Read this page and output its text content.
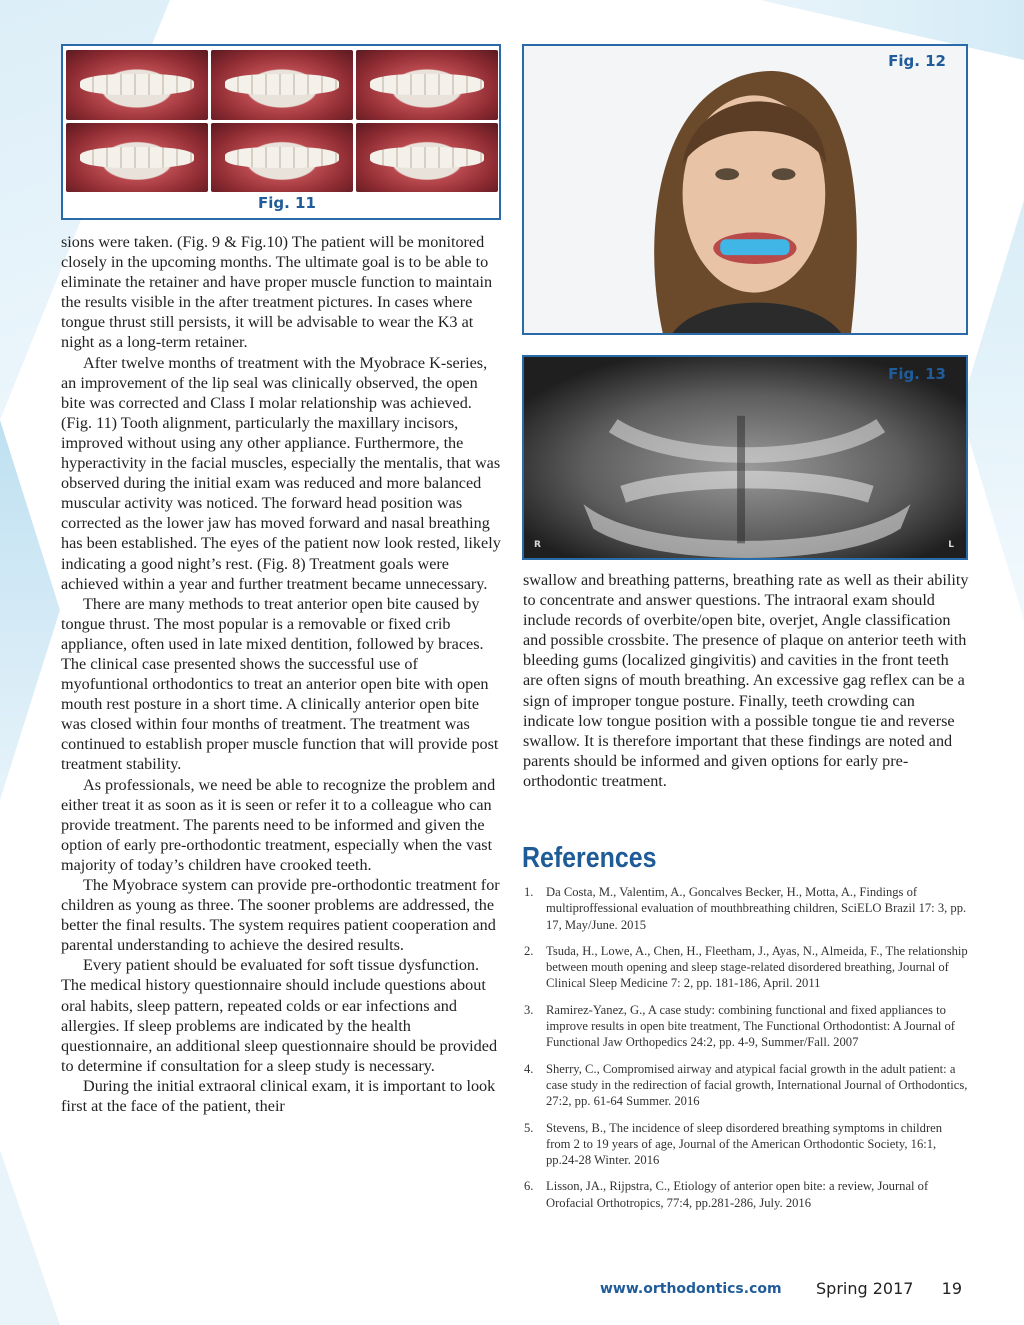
Fig. 11
Fig. 12
R	L
Fig. 13

sions were taken. (Fig. 9 & Fig.10) The patient will be monitored closely in the upcoming months. The ultimate goal is to be able to eliminate the retainer and have proper muscle function to maintain the results visible in the after treatment pictures. In cases where tongue thrust still persists, it will be advisable to wear the K3 at night as a long-term retainer.

After twelve months of treatment with the Myobrace K-series, an improvement of the lip seal was clinically observed, the open bite was corrected and Class I molar relationship was achieved. (Fig. 11) Tooth alignment, particularly the maxillary incisors, improved without using any other appliance. Furthermore, the hyperactivity in the facial muscles, especially the mentalis, that was observed during the initial exam was reduced and more balanced muscular activity was noticed. The forward head position was corrected as the lower jaw has moved forward and nasal breathing has been established. The eyes of the patient now look rested, likely indicating a good night’s rest. (Fig. 8) Treatment goals were achieved within a year and further treatment became unnecessary.

There are many methods to treat anterior open bite caused by tongue thrust. The most popular is a removable or fixed crib appliance, often used in late mixed dentition, followed by braces. The clinical case presented shows the successful use of myofuntional orthodontics to treat an anterior open bite with open mouth rest posture in a short time. A clinically anterior open bite was closed within four months of treatment. The treatment was continued to establish proper muscle function that will provide post treatment stability.

As professionals, we need be able to recognize the problem and either treat it as soon as it is seen or refer it to a colleague who can provide treatment. The parents need to be informed and given the option of early pre-orthodontic treatment, especially when the vast majority of today’s children have crooked teeth.

The Myobrace system can provide pre-orthodontic treatment for children as young as three. The sooner problems are addressed, the better the final results. The system requires patient cooperation and parental understanding to achieve the desired results.

Every patient should be evaluated for soft tissue dysfunction. The medical history questionnaire should include questions about oral habits, sleep pattern, repeated colds or ear infections and allergies. If sleep problems are indicated by the health questionnaire, an additional sleep questionnaire should be provided to determine if consultation for a sleep study is necessary.

During the initial extraoral clinical exam, it is important to look first at the face of the patient, their

swallow and breathing patterns, breathing rate as well as their ability to concentrate and answer questions. The intraoral exam should include records of overbite/open bite, overjet, Angle classification and possible crossbite. The presence of plaque on anterior teeth with bleeding gums (localized gingivitis) and cavities in the front teeth are often signs of mouth breathing. An excessive gag reflex can be a sign of improper tongue posture. Finally, teeth crowding can indicate low tongue position with a possible tongue tie and reverse swallow. It is therefore important that these findings are noted and parents should be informed and given options for early pre-orthodontic treatment.

References
1. Da Costa, M., Valentim, A., Goncalves Becker, H., Motta, A., Findings of multiproffessional evaluation of mouthbreathing children, SciELO Brazil 17: 3, pp. 17, May/June. 2015
2. Tsuda, H., Lowe, A., Chen, H., Fleetham, J., Ayas, N., Almeida, F., The relationship between mouth opening and sleep stage-related disordered breathing, Journal of Clinical Sleep Medicine 7: 2, pp. 181-186, April. 2011
3. Ramirez-Yanez, G., A case study: combining functional and fixed appliances to improve results in open bite treatment, The Functional Orthodontist: A Journal of Functional Jaw Orthopedics 24:2, pp. 4-9, Summer/Fall. 2007
4. Sherry, C., Compromised airway and atypical facial growth in the adult patient: a case study in the redirection of facial growth, International Journal of Orthodontics, 27:2, pp. 61-64 Summer. 2016
5. Stevens, B., The incidence of sleep disordered breathing symptoms in children from 2 to 19 years of age, Journal of the American Orthodontic Society, 16:1, pp.24-28 Winter. 2016
6. Lisson, JA., Rijpstra, C., Etiology of anterior open bite: a review, Journal of Orofacial Orthotropics, 77:4, pp.281-286, July. 2016
www.orthodontics.com Spring 2017 19
